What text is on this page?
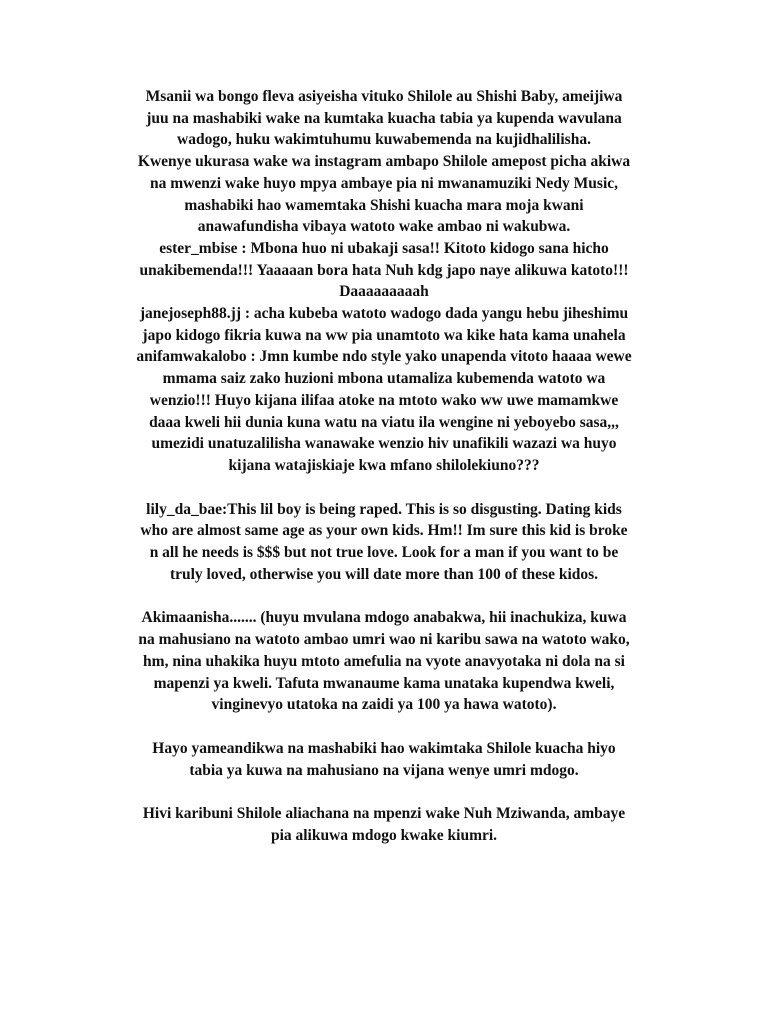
Msanii wa bongo fleva asiyeisha vituko Shilole au Shishi Baby, ameijiwa
juu na mashabiki wake na kumtaka kuacha tabia ya kupenda wavulana
wadogo, huku wakimtuhumu kuwabemenda na kujidhalilisha.
Kwenye ukurasa wake wa instagram ambapo Shilole amepost picha akiwa
na mwenzi wake huyo mpya ambaye pia ni mwanamuziki Nedy Music,
mashabiki hao wamemtaka Shishi kuacha mara moja kwani
anawafundisha vibaya watoto wake ambao ni wakubwa.
ester_mbise : Mbona huo ni ubakaji sasa!! Kitoto kidogo sana hicho
unakibemenda!!! Yaaaaan bora hata Nuh kdg japo naye alikuwa katoto!!!
Daaaaaaaaah
janejoseph88.jj : acha kubeba watoto wadogo dada yangu hebu jiheshimu
japo kidogo fikria kuwa na ww pia unamtoto wa kike hata kama unahela
anifamwakalobo : Jmn kumbe ndo style yako unapenda vitoto haaaa wewe
mmama saiz zako huzioni mbona utamaliza kubemenda watoto wa
wenzio!!! Huyo kijana ilifaa atoke na mtoto wako ww uwe mamamkwe
daaa kweli hii dunia kuna watu na viatu ila wengine ni yeboyebo sasa,,,
umezidi unatuzalilisha wanawake wenzio hiv unafikili wazazi wa huyo
kijana watajiskiaje kwa mfano shilolekiuno???
lily_da_bae:This lil boy is being raped. This is so disgusting. Dating kids
who are almost same age as your own kids. Hm!! Im sure this kid is broke
n all he needs is $$$ but not true love. Look for a man if you want to be
truly loved, otherwise you will date more than 100 of these kidos.
Akimaanisha....... (huyu mvulana mdogo anabakwa, hii inachukiza, kuwa
na mahusiano na watoto ambao umri wao ni karibu sawa na watoto wako,
hm, nina uhakika huyu mtoto amefulia na vyote anavyotaka ni dola na si
mapenzi ya kweli. Tafuta mwanaume kama unataka kupendwa kweli,
vinginevyo utatoka na zaidi ya 100 ya hawa watoto).
Hayo yameandikwa na mashabiki hao wakimtaka Shilole kuacha hiyo
tabia ya kuwa na mahusiano na vijana wenye umri mdogo.
Hivi karibuni Shilole aliachana na mpenzi wake Nuh Mziwanda, ambaye
pia alikuwa mdogo kwake kiumri.
